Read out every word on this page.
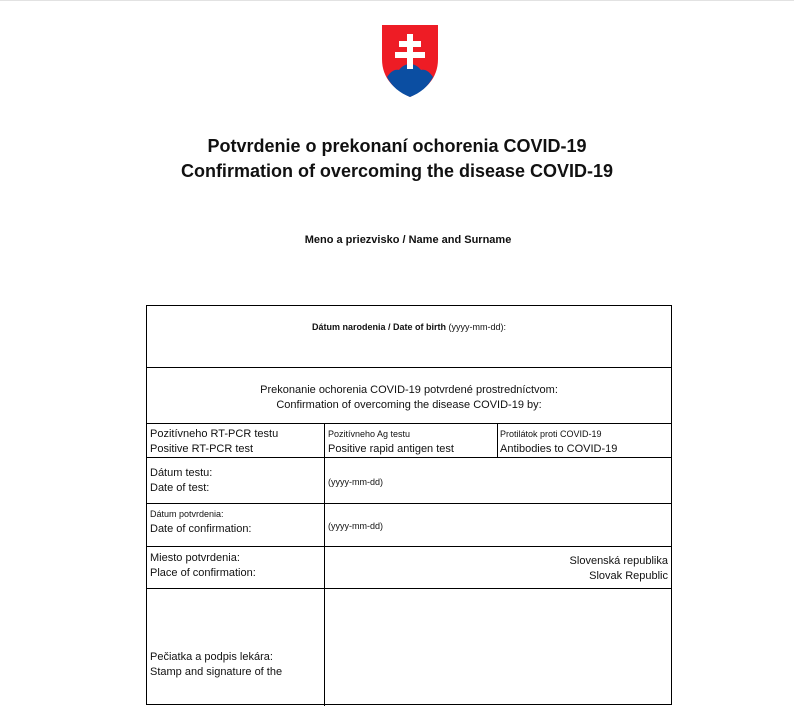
Potvrdenie o prekonaní ochorenia COVID-19
Confirmation of overcoming the disease COVID-19
Meno a priezvisko / Name and Surname
Dátum narodenia / Date of birth (yyyy-mm-dd):
Prekonanie ochorenia COVID-19 potvrdené prostredníctvom:
Confirmation of overcoming the disease COVID-19 by:
Pozitívneho RT-PCR testu
Positive RT-PCR test
Pozitívneho Ag testu
Positive rapid antigen test
Protilátok proti COVID-19
Antibodies to COVID-19
Dátum testu:
Date of test:	(yyyy-mm-dd)
Dátum potvrdenia:
Date of confirmation:	(yyyy-mm-dd)
Miesto potvrdenia:
Place of confirmation:
Slovenská republika
Slovak Republic
Pečiatka a podpis lekára:
Stamp and signature of the
